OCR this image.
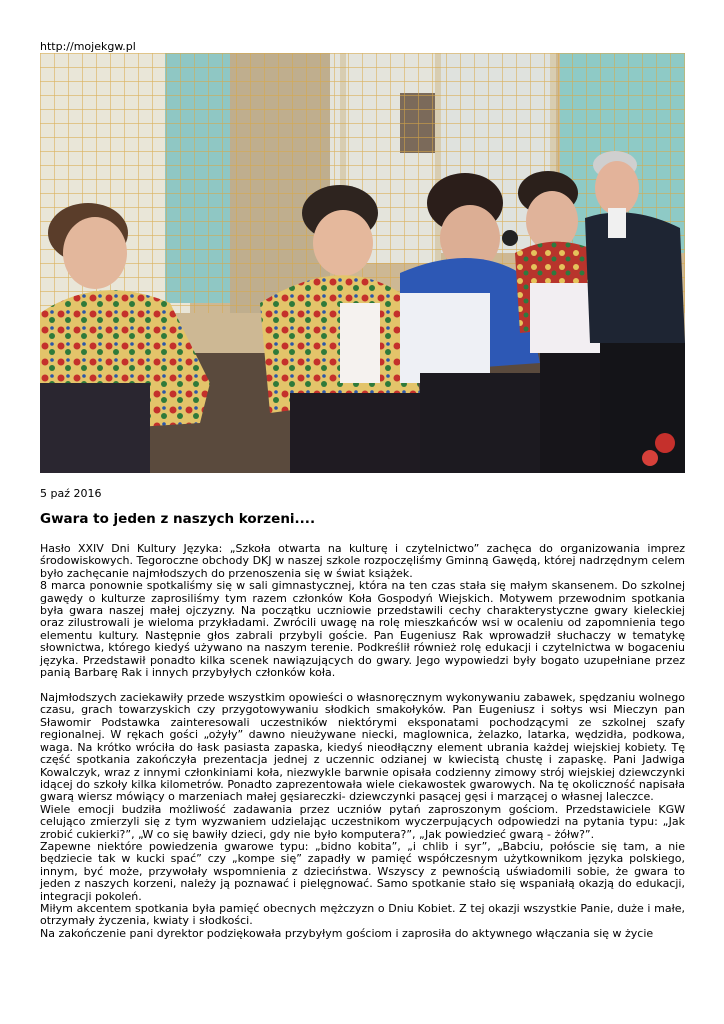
http://mojekgw.pl
5 paź 2016
Gwara to jeden z naszych korzeni....

Hasło XXIV Dni Kultury Języka: „Szkoła otwarta na kulturę i czytelnictwo” zachęca do organizowania imprez środowiskowych. Tegoroczne obchody DKJ w naszej szkole rozpoczęliśmy Gminną Gawędą, której nadrzędnym celem było zachęcanie najmłodszych do przenoszenia się w świat książek.

8 marca ponownie spotkaliśmy się w sali gimnastycznej, która na ten czas stała się małym skansenem. Do szkolnej gawędy o kulturze zaprosiliśmy tym razem członków Koła Gospodyń Wiejskich. Motywem przewodnim spotkania była gwara naszej małej ojczyzny. Na początku uczniowie przedstawili cechy charakterystyczne gwary kieleckiej oraz zilustrowali je wieloma przykładami. Zwrócili uwagę na rolę mieszkańców wsi w ocaleniu od zapomnienia tego elementu kultury. Następnie głos zabrali przybyli goście. Pan Eugeniusz Rak wprowadził słuchaczy w tematykę słownictwa, którego kiedyś używano na naszym terenie. Podkreślił również rolę edukacji i czytelnictwa w bogaceniu języka. Przedstawił ponadto kilka scenek nawiązujących do gwary. Jego wypowiedzi były bogato uzupełniane przez panią Barbarę Rak i innych przybyłych członków koła.

Najmłodszych zaciekawiły przede wszystkim opowieści o własnoręcznym wykonywaniu zabawek, spędzaniu wolnego czasu, grach towarzyskich czy przygotowywaniu słodkich smakołyków. Pan Eugeniusz i sołtys wsi Mieczyn pan Sławomir Podstawka zainteresowali uczestników niektórymi eksponatami pochodzącymi ze szkolnej szafy regionalnej. W rękach gości „ożyły” dawno nieużywane niecki, maglownica, żelazko, latarka, wędzidła, podkowa, waga. Na krótko wróciła do łask pasiasta zapaska, kiedyś nieodłączny element ubrania każdej wiejskiej kobiety. Tę część spotkania zakończyła prezentacja jednej z uczennic odzianej w kwiecistą chustę i zapaskę. Pani Jadwiga Kowalczyk, wraz z innymi członkiniami koła, niezwykle barwnie opisała codzienny zimowy strój wiejskiej dziewczynki idącej do szkoły kilka kilometrów. Ponadto zaprezentowała wiele ciekawostek gwarowych. Na tę okoliczność napisała gwarą wiersz mówiący o marzeniach małej gęsiareczki- dziewczynki pasącej gęsi i marzącej o własnej laleczce.

Wiele emocji budziła możliwość zadawania przez uczniów pytań zaproszonym gościom. Przedstawiciele KGW celująco zmierzyli się z tym wyzwaniem udzielając uczestnikom wyczerpujących odpowiedzi na pytania typu: „Jak zrobić cukierki?”, „W co się bawiły dzieci, gdy nie było komputera?”, „Jak powiedzieć gwarą - żółw?”.

Zapewne niektóre powiedzenia gwarowe typu: „bidno kobita”, „i chlib i syr”, „Babciu, połóscie się tam, a nie będziecie tak w kucki spać” czy „kompe się” zapadły w pamięć współczesnym użytkownikom języka polskiego, innym, być może, przywołały wspomnienia z dzieciństwa. Wszyscy z pewnością uświadomili sobie, że gwara to jeden z naszych korzeni, należy ją poznawać i pielęgnować. Samo spotkanie stało się wspaniałą okazją do edukacji, integracji pokoleń.

Miłym akcentem spotkania była pamięć obecnych mężczyzn o Dniu Kobiet. Z tej okazji wszystkie Panie, duże i małe, otrzymały życzenia, kwiaty i słodkości.

Na zakończenie pani dyrektor podziękowała przybyłym gościom i zaprosiła do aktywnego włączania się w życie
